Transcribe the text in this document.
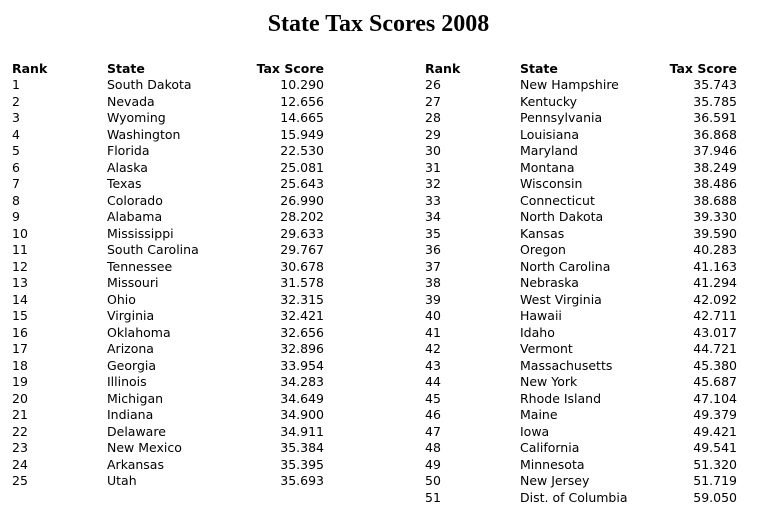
State Tax Scores 2008
Rank	State	Tax Score
1	South Dakota	10.290
2	Nevada	12.656
3	Wyoming	14.665
4	Washington	15.949
5	Florida	22.530
6	Alaska	25.081
7	Texas	25.643
8	Colorado	26.990
9	Alabama	28.202
10	Mississippi	29.633
11	South Carolina	29.767
12	Tennessee	30.678
13	Missouri	31.578
14	Ohio	32.315
15	Virginia	32.421
16	Oklahoma	32.656
17	Arizona	32.896
18	Georgia	33.954
19	Illinois	34.283
20	Michigan	34.649
21	Indiana	34.900
22	Delaware	34.911
23	New Mexico	35.384
24	Arkansas	35.395
25	Utah	35.693
Rank	State	Tax Score
26	New Hampshire	35.743
27	Kentucky	35.785
28	Pennsylvania	36.591
29	Louisiana	36.868
30	Maryland	37.946
31	Montana	38.249
32	Wisconsin	38.486
33	Connecticut	38.688
34	North Dakota	39.330
35	Kansas	39.590
36	Oregon	40.283
37	North Carolina	41.163
38	Nebraska	41.294
39	West Virginia	42.092
40	Hawaii	42.711
41	Idaho	43.017
42	Vermont	44.721
43	Massachusetts	45.380
44	New York	45.687
45	Rhode Island	47.104
46	Maine	49.379
47	Iowa	49.421
48	California	49.541
49	Minnesota	51.320
50	New Jersey	51.719
51	Dist. of Columbia	59.050
